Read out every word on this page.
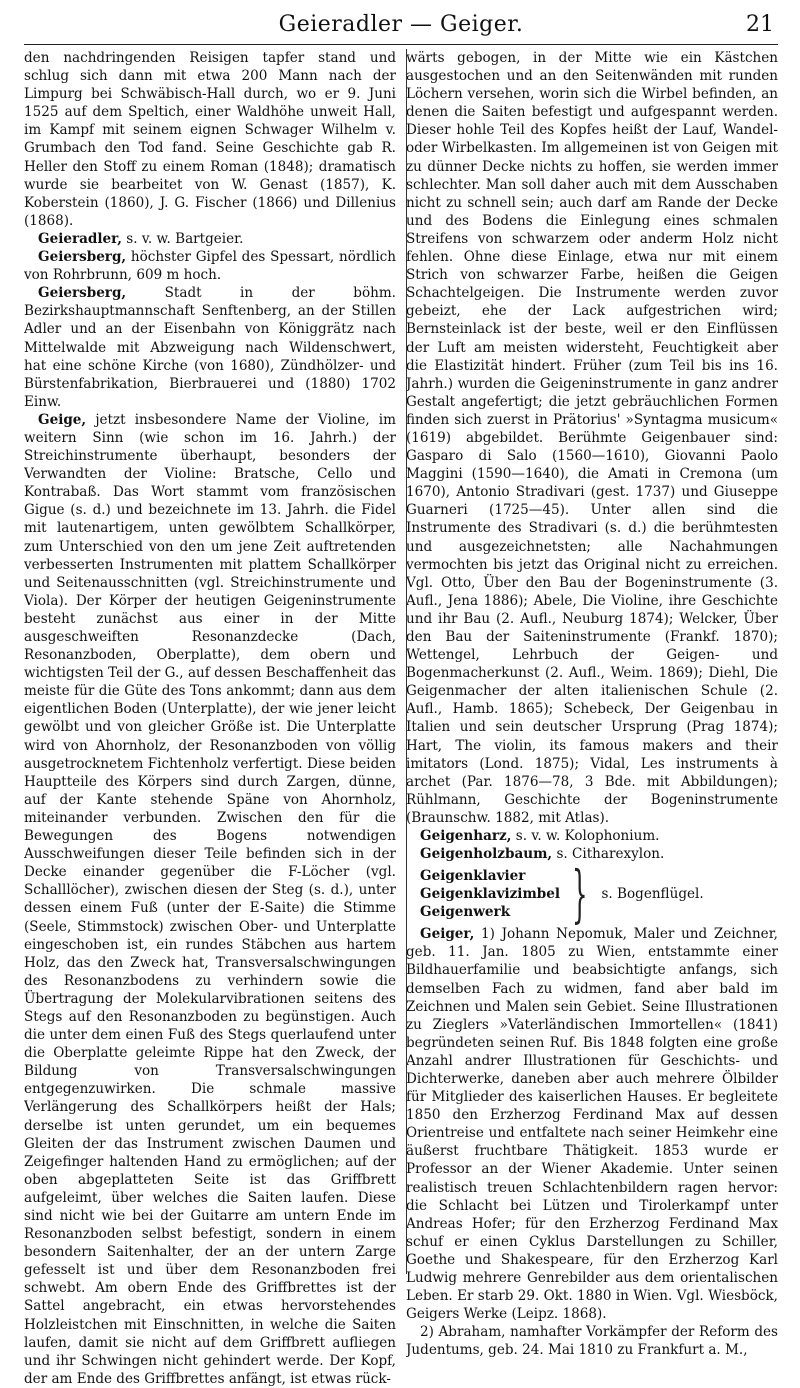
Geieradler — Geiger.	21

den nachdringenden Reisigen tapfer stand und schlug sich dann mit etwa 200 Mann nach der Limpurg bei Schwäbisch-Hall durch, wo er 9. Juni 1525 auf dem Speltich, einer Waldhöhe unweit Hall, im Kampf mit seinem eignen Schwager Wilhelm v. Grumbach den Tod fand. Seine Geschichte gab R. Heller den Stoff zu einem Roman (1848); dramatisch wurde sie bearbeitet von W. Genast (1857), K. Koberstein (1860), J. G. Fischer (1866) und Dillenius (1868).

Geieradler, s. v. w. Bartgeier.

Geiersberg, höchster Gipfel des Spessart, nördlich von Rohrbrunn, 609 m hoch.

Geiersberg, Stadt in der böhm. Bezirkshauptmannschaft Senftenberg, an der Stillen Adler und an der Eisenbahn von Königgrätz nach Mittelwalde mit Abzweigung nach Wildenschwert, hat eine schöne Kirche (von 1680), Zündhölzer- und Bürstenfabrikation, Bierbrauerei und (1880) 1702 Einw.

Geige, jetzt insbesondere Name der Violine, im weitern Sinn (wie schon im 16. Jahrh.) der Streichinstrumente überhaupt, besonders der Verwandten der Violine: Bratsche, Cello und Kontrabaß. Das Wort stammt vom französischen Gigue (s. d.) und bezeichnete im 13. Jahrh. die Fidel mit lautenartigem, unten gewölbtem Schallkörper, zum Unterschied von den um jene Zeit auftretenden verbesserten Instrumenten mit plattem Schallkörper und Seitenausschnitten (vgl. Streichinstrumente und Viola). Der Körper der heutigen Geigeninstrumente besteht zunächst aus einer in der Mitte ausgeschweiften Resonanzdecke (Dach, Resonanzboden, Oberplatte), dem obern und wichtigsten Teil der G., auf dessen Beschaffenheit das meiste für die Güte des Tons ankommt; dann aus dem eigentlichen Boden (Unterplatte), der wie jener leicht gewölbt und von gleicher Größe ist. Die Unterplatte wird von Ahornholz, der Resonanzboden von völlig ausgetrocknetem Fichtenholz verfertigt. Diese beiden Hauptteile des Körpers sind durch Zargen, dünne, auf der Kante stehende Späne von Ahornholz, miteinander verbunden. Zwischen den für die Bewegungen des Bogens notwendigen Ausschweifungen dieser Teile befinden sich in der Decke einander gegenüber die F-Löcher (vgl. Schalllöcher), zwischen diesen der Steg (s. d.), unter dessen einem Fuß (unter der E-Saite) die Stimme (Seele, Stimmstock) zwischen Ober- und Unterplatte eingeschoben ist, ein rundes Stäbchen aus hartem Holz, das den Zweck hat, Transversalschwingungen des Resonanzbodens zu verhindern sowie die Übertragung der Molekularvibrationen seitens des Stegs auf den Resonanzboden zu begünstigen. Auch die unter dem einen Fuß des Stegs querlaufend unter die Oberplatte geleimte Rippe hat den Zweck, der Bildung von Transversalschwingungen entgegenzuwirken. Die schmale massive Verlängerung des Schallkörpers heißt der Hals; derselbe ist unten gerundet, um ein bequemes Gleiten der das Instrument zwischen Daumen und Zeigefinger haltenden Hand zu ermöglichen; auf der oben abgeplatteten Seite ist das Griffbrett aufgeleimt, über welches die Saiten laufen. Diese sind nicht wie bei der Guitarre am untern Ende im Resonanzboden selbst befestigt, sondern in einem besondern Saitenhalter, der an der untern Zarge gefesselt ist und über dem Resonanzboden frei schwebt. Am obern Ende des Griffbrettes ist der Sattel angebracht, ein etwas hervorstehendes Holzleistchen mit Einschnitten, in welche die Saiten laufen, damit sie nicht auf dem Griffbrett aufliegen und ihr Schwingen nicht gehindert werde. Der Kopf, der am Ende des Griffbrettes anfängt, ist etwas rück-

wärts gebogen, in der Mitte wie ein Kästchen ausgestochen und an den Seitenwänden mit runden Löchern versehen, worin sich die Wirbel befinden, an denen die Saiten befestigt und aufgespannt werden. Dieser hohle Teil des Kopfes heißt der Lauf, Wandel- oder Wirbelkasten. Im allgemeinen ist von Geigen mit zu dünner Decke nichts zu hoffen, sie werden immer schlechter. Man soll daher auch mit dem Ausschaben nicht zu schnell sein; auch darf am Rande der Decke und des Bodens die Einlegung eines schmalen Streifens von schwarzem oder anderm Holz nicht fehlen. Ohne diese Einlage, etwa nur mit einem Strich von schwarzer Farbe, heißen die Geigen Schachtelgeigen. Die Instrumente werden zuvor gebeizt, ehe der Lack aufgestrichen wird; Bernsteinlack ist der beste, weil er den Einflüssen der Luft am meisten widersteht, Feuchtigkeit aber die Elastizität hindert. Früher (zum Teil bis ins 16. Jahrh.) wurden die Geigeninstrumente in ganz andrer Gestalt angefertigt; die jetzt gebräuchlichen Formen finden sich zuerst in Prätorius' »Syntagma musicum« (1619) abgebildet. Berühmte Geigenbauer sind: Gasparo di Salo (1560—1610), Giovanni Paolo Maggini (1590—1640), die Amati in Cremona (um 1670), Antonio Stradivari (gest. 1737) und Giuseppe Guarneri (1725—45). Unter allen sind die Instrumente des Stradivari (s. d.) die berühmtesten und ausgezeichnetsten; alle Nachahmungen vermochten bis jetzt das Original nicht zu erreichen. Vgl. Otto, Über den Bau der Bogeninstrumente (3. Aufl., Jena 1886); Abele, Die Violine, ihre Geschichte und ihr Bau (2. Aufl., Neuburg 1874); Welcker, Über den Bau der Saiteninstrumente (Frankf. 1870); Wettengel, Lehrbuch der Geigen- und Bogenmacherkunst (2. Aufl., Weim. 1869); Diehl, Die Geigenmacher der alten italienischen Schule (2. Aufl., Hamb. 1865); Schebeck, Der Geigenbau in Italien und sein deutscher Ursprung (Prag 1874); Hart, The violin, its famous makers and their imitators (Lond. 1875); Vidal, Les instruments à archet (Par. 1876—78, 3 Bde. mit Abbildungen); Rühlmann, Geschichte der Bogeninstrumente (Braunschw. 1882, mit Atlas).

Geigenharz, s. v. w. Kolophonium.

Geigenholzbaum, s. Citharexylon.

Geigenklavier
Geigenklavizimbel
Geigenwerk } s. Bogenflügel.

Geiger, 1) Johann Nepomuk, Maler und Zeichner, geb. 11. Jan. 1805 zu Wien, entstammte einer Bildhauerfamilie und beabsichtigte anfangs, sich demselben Fach zu widmen, fand aber bald im Zeichnen und Malen sein Gebiet. Seine Illustrationen zu Zieglers »Vaterländischen Immortellen« (1841) begründeten seinen Ruf. Bis 1848 folgten eine große Anzahl andrer Illustrationen für Geschichts- und Dichterwerke, daneben aber auch mehrere Ölbilder für Mitglieder des kaiserlichen Hauses. Er begleitete 1850 den Erzherzog Ferdinand Max auf dessen Orientreise und entfaltete nach seiner Heimkehr eine äußerst fruchtbare Thätigkeit. 1853 wurde er Professor an der Wiener Akademie. Unter seinen realistisch treuen Schlachtenbildern ragen hervor: die Schlacht bei Lützen und Tirolerkampf unter Andreas Hofer; für den Erzherzog Ferdinand Max schuf er einen Cyklus Darstellungen zu Schiller, Goethe und Shakespeare, für den Erzherzog Karl Ludwig mehrere Genrebilder aus dem orientalischen Leben. Er starb 29. Okt. 1880 in Wien. Vgl. Wiesböck, Geigers Werke (Leipz. 1868).

2) Abraham, namhafter Vorkämpfer der Reform des Judentums, geb. 24. Mai 1810 zu Frankfurt a. M.,
